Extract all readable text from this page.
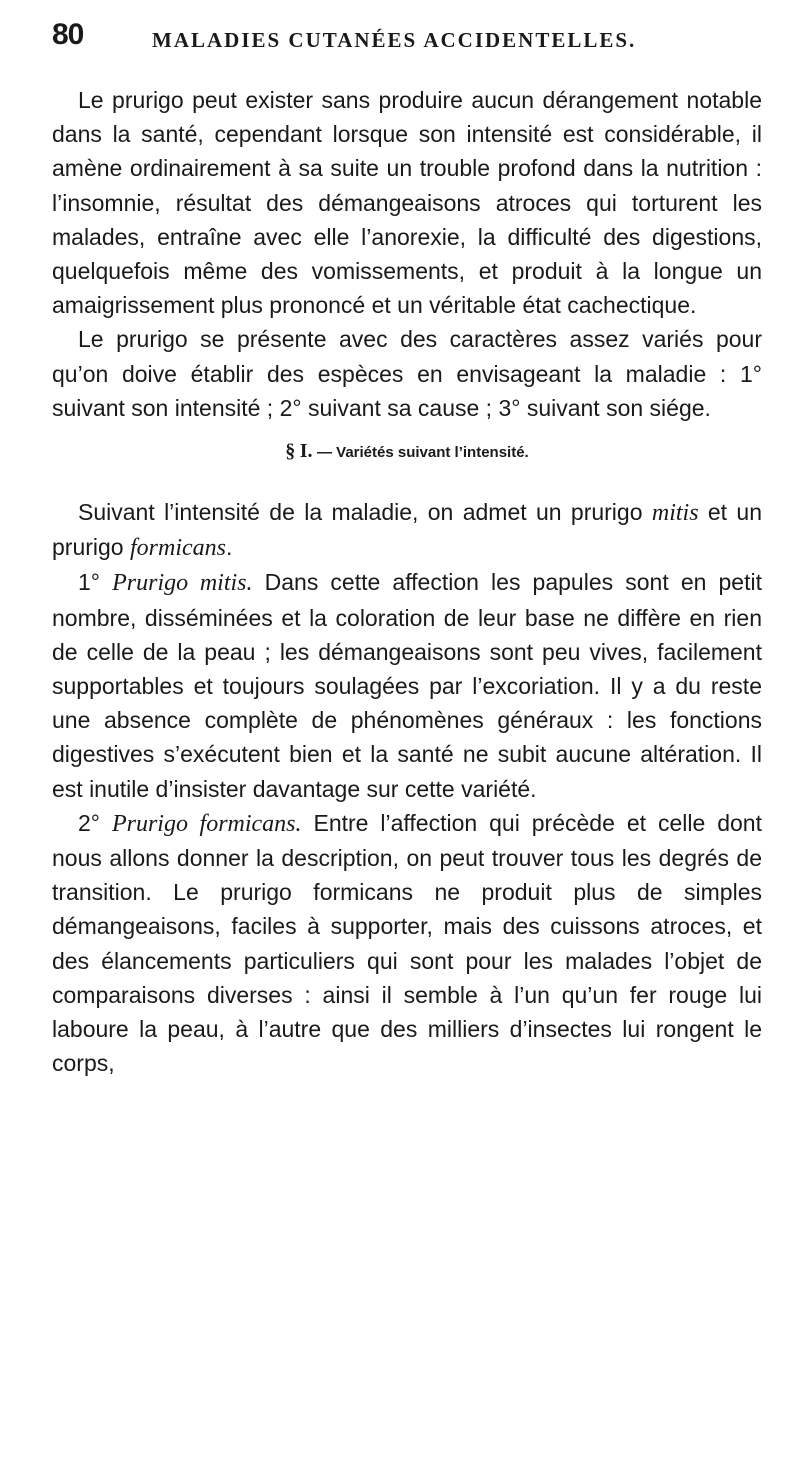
80	MALADIES CUTANÉES ACCIDENTELLES.

Le prurigo peut exister sans produire aucun dérangement notable dans la santé, cependant lorsque son intensité est considérable, il amène ordinairement à sa suite un trouble profond dans la nutrition : l’insomnie, résultat des démangeaisons atroces qui torturent les malades, entraîne avec elle l’anorexie, la difficulté des digestions, quelquefois même des vomissements, et produit à la longue un amaigrissement plus prononcé et un véritable état cachectique.

Le prurigo se présente avec des caractères assez variés pour qu’on doive établir des espèces en envisageant la maladie : 1° suivant son intensité ; 2° suivant sa cause ; 3° suivant son siége.

§ I. — Variétés suivant l’intensité.

Suivant l’intensité de la maladie, on admet un prurigo mitis et un prurigo formicans.

1° Prurigo mitis. Dans cette affection les papules sont en petit nombre, disséminées et la coloration de leur base ne diffère en rien de celle de la peau ; les démangeaisons sont peu vives, facilement supportables et toujours soulagées par l’excoriation. Il y a du reste une absence complète de phénomènes généraux : les fonctions digestives s’exécutent bien et la santé ne subit aucune altération. Il est inutile d’insister davantage sur cette variété.

2° Prurigo formicans. Entre l’affection qui précède et celle dont nous allons donner la description, on peut trouver tous les degrés de transition. Le prurigo formicans ne produit plus de simples démangeaisons, faciles à supporter, mais des cuissons atroces, et des élancements particuliers qui sont pour les malades l’objet de comparaisons diverses : ainsi il semble à l’un qu’un fer rouge lui laboure la peau, à l’autre que des milliers d’insectes lui rongent le corps,
